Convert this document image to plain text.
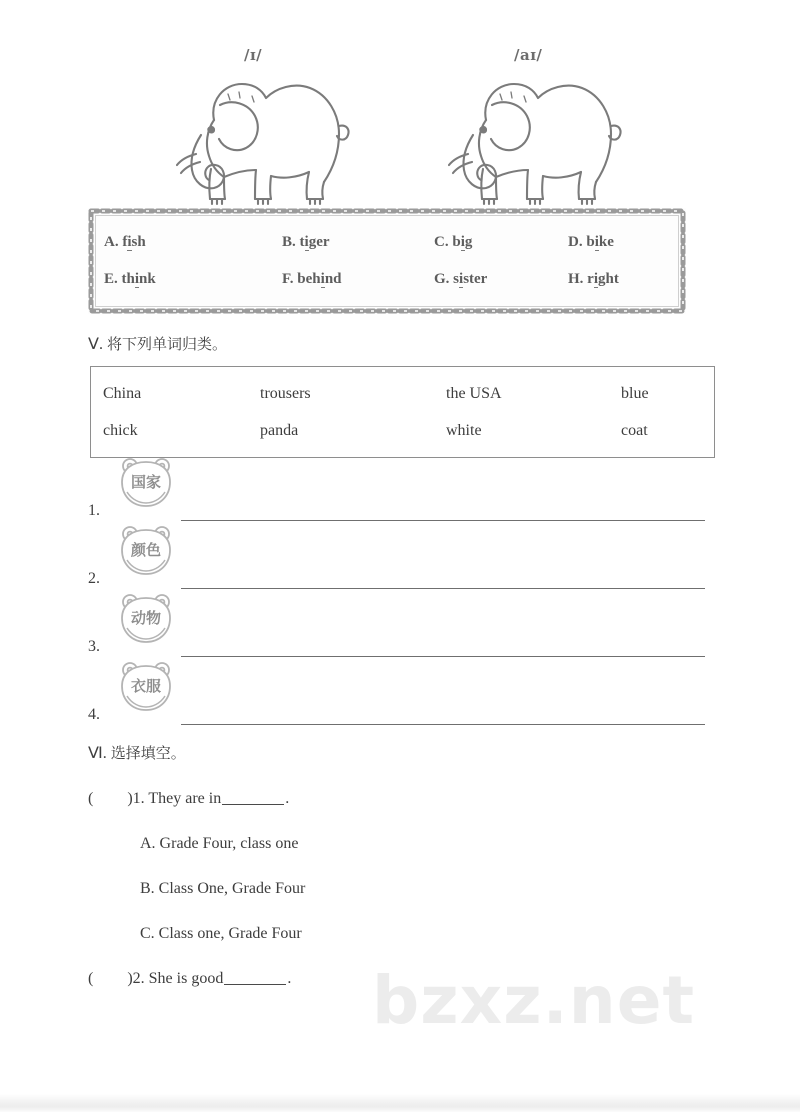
/ɪ/	/aɪ/
A. fish	B. tiger	C. big	D. bike
E. think	F. behind	G. sister	H. right
Ⅴ. 将下列单词归类。
China	trousers	the USA	blue
chick	panda	white	coat
1.
国家
2.
颜色
3.
动物
4.
衣服
Ⅵ. 选择填空。
( )1. They are in	.
A. Grade Four, class one
B. Class One, Grade Four
C. Class one, Grade Four
( )2. She is good	. bzxz.net
